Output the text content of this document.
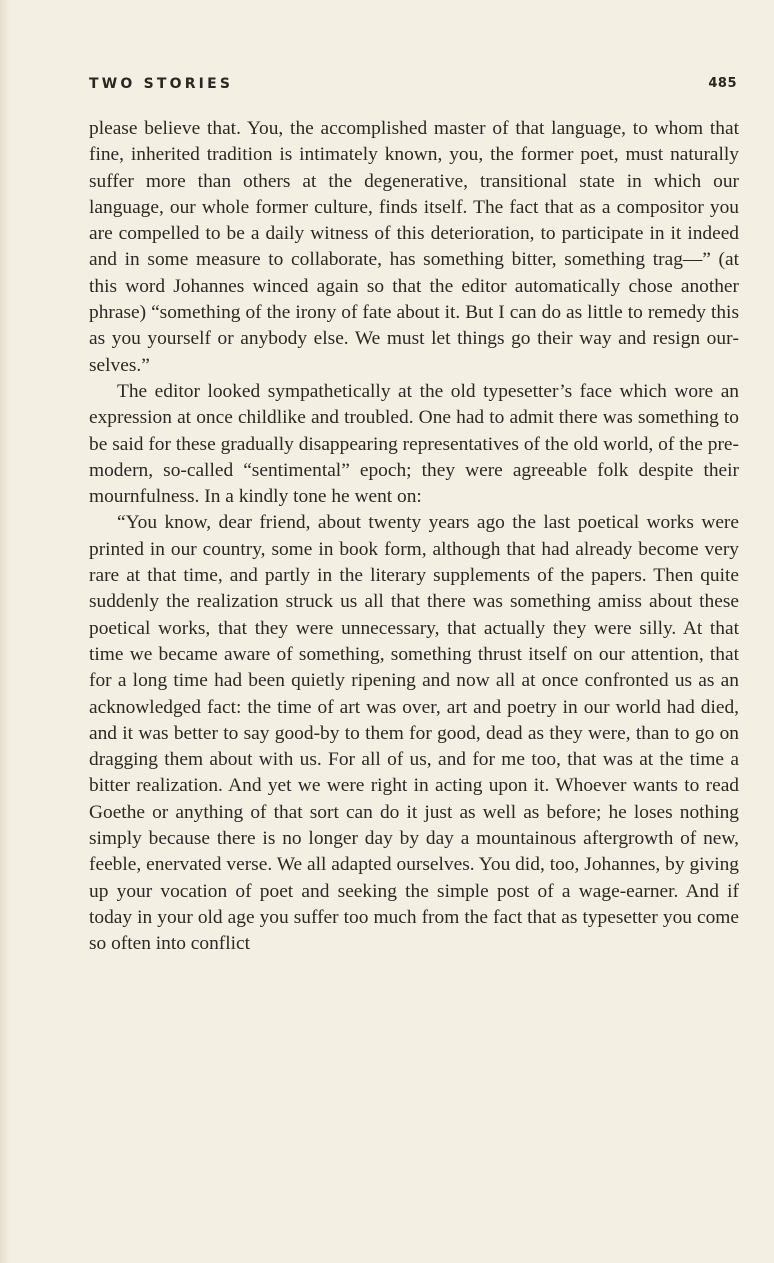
TWO STORIES	485

please believe that. You, the accomplished master of that language, to whom that fine, inherited tradition is intimately known, you, the former poet, must naturally suffer more than others at the degenerative, transitional state in which our language, our whole former culture, finds itself. The fact that as a compositor you are compelled to be a daily witness of this deterioration, to participate in it indeed and in some measure to collaborate, has something bitter, something trag—” (at this word Johannes winced again so that the editor automatically chose another phrase) “something of the irony of fate about it. But I can do as little to remedy this as you yourself or anybody else. We must let things go their way and resign ourselves.”

The editor looked sympathetically at the old typesetter’s face which wore an expression at once childlike and troubled. One had to admit there was something to be said for these gradually disappearing representatives of the old world, of the pre-modern, so-called “sentimental” epoch; they were agreeable folk despite their mournfulness. In a kindly tone he went on:

“You know, dear friend, about twenty years ago the last poetical works were printed in our country, some in book form, although that had already become very rare at that time, and partly in the literary supplements of the papers. Then quite suddenly the realization struck us all that there was something amiss about these poetical works, that they were unnecessary, that actually they were silly. At that time we became aware of something, something thrust itself on our attention, that for a long time had been quietly ripening and now all at once confronted us as an acknowledged fact: the time of art was over, art and poetry in our world had died, and it was better to say good-by to them for good, dead as they were, than to go on dragging them about with us. For all of us, and for me too, that was at the time a bitter realization. And yet we were right in acting upon it. Whoever wants to read Goethe or anything of that sort can do it just as well as before; he loses nothing simply because there is no longer day by day a mountainous aftergrowth of new, feeble, enervated verse. We all adapted ourselves. You did, too, Johannes, by giving up your vocation of poet and seeking the simple post of a wage-earner. And if today in your old age you suffer too much from the fact that as typesetter you come so often into conflict
